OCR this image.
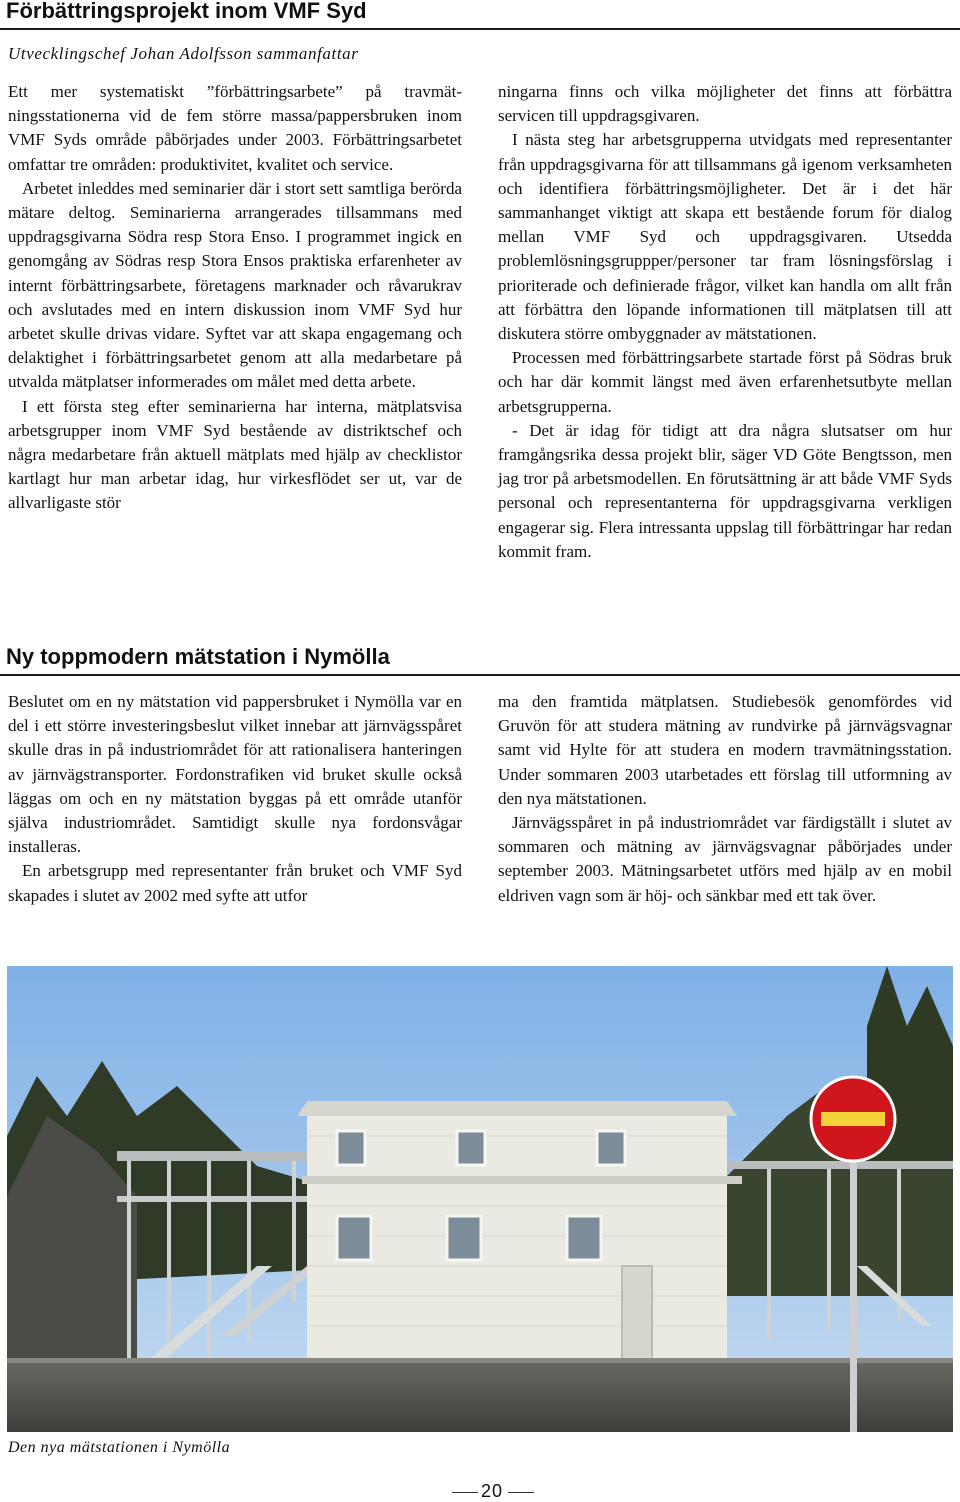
Förbättringsprojekt inom VMF Syd

Utvecklingschef Johan Adolfsson sammanfattar

Ett mer systematiskt ”förbättringsarbete” på travmätningsstationerna vid de fem större massa/pappersbruken inom VMF Syds område påbörjades under 2003. Förbättringsarbetet omfattar tre områden: produktivitet, kvalitet och service.

Arbetet inleddes med seminarier där i stort sett samtliga berörda mätare deltog. Seminarierna arrangerades tillsammans med uppdragsgivarna Södra resp Stora Enso. I programmet ingick en genomgång av Södras resp Stora Ensos praktiska erfarenheter av internt förbättringsarbete, företagens marknader och råvarukrav och avslutades med en intern diskussion inom VMF Syd hur arbetet skulle drivas vidare. Syftet var att skapa engagemang och delaktighet i förbättringsarbetet genom att alla medarbetare på utvalda mätplatser informerades om målet med detta arbete.

I ett första steg efter seminarierna har interna, mätplatsvisa arbetsgrupper inom VMF Syd bestående av distriktschef och några medarbetare från aktuell mätplats med hjälp av checklistor kartlagt hur man arbetar idag, hur virkesflödet ser ut, var de allvarligaste stör

ningarna finns och vilka möjligheter det finns att förbättra servicen till uppdragsgivaren.

I nästa steg har arbetsgrupperna utvidgats med representanter från uppdragsgivarna för att tillsammans gå igenom verksamheten och identifiera förbättringsmöjligheter. Det är i det här sammanhanget viktigt att skapa ett bestående forum för dialog mellan VMF Syd och uppdragsgivaren. Utsedda problemlösningsgruppper/personer tar fram lösningsförslag i prioriterade och definierade frågor, vilket kan handla om allt från att förbättra den löpande informationen till mätplatsen till att diskutera större ombyggnader av mätstationen.

Processen med förbättringsarbete startade först på Södras bruk och har där kommit längst med även erfarenhetsutbyte mellan arbetsgrupperna.

- Det är idag för tidigt att dra några slutsatser om hur framgångsrika dessa projekt blir, säger VD Göte Bengtsson, men jag tror på arbetsmodellen. En förutsättning är att både VMF Syds personal och representanterna för uppdragsgivarna verkligen engagerar sig. Flera intressanta uppslag till förbättringar har redan kommit fram.

Ny toppmodern mätstation i Nymölla

Beslutet om en ny mätstation vid pappersbruket i Nymölla var en del i ett större investeringsbeslut vilket innebar att järnvägsspåret skulle dras in på industriområdet för att rationalisera hanteringen av järnvägstransporter. Fordonstrafiken vid bruket skulle också läggas om och en ny mätstation byggas på ett område utanför själva industriområdet. Samtidigt skulle nya fordonsvågar installeras.

En arbetsgrupp med representanter från bruket och VMF Syd skapades i slutet av 2002 med syfte att utfor

ma den framtida mätplatsen. Studiebesök genomfördes vid Gruvön för att studera mätning av rundvirke på järnvägsvagnar samt vid Hylte för att studera en modern travmätningsstation. Under sommaren 2003 utarbetades ett förslag till utformning av den nya mätstationen.

Järnvägsspåret in på industriområdet var färdigställt i slutet av sommaren och mätning av järnvägsvagnar påbörjades under september 2003. Mätningsarbetet utförs med hjälp av en mobil eldriven vagn som är höj- och sänkbar med ett tak över.

Den nya mätstationen i Nymölla

20
